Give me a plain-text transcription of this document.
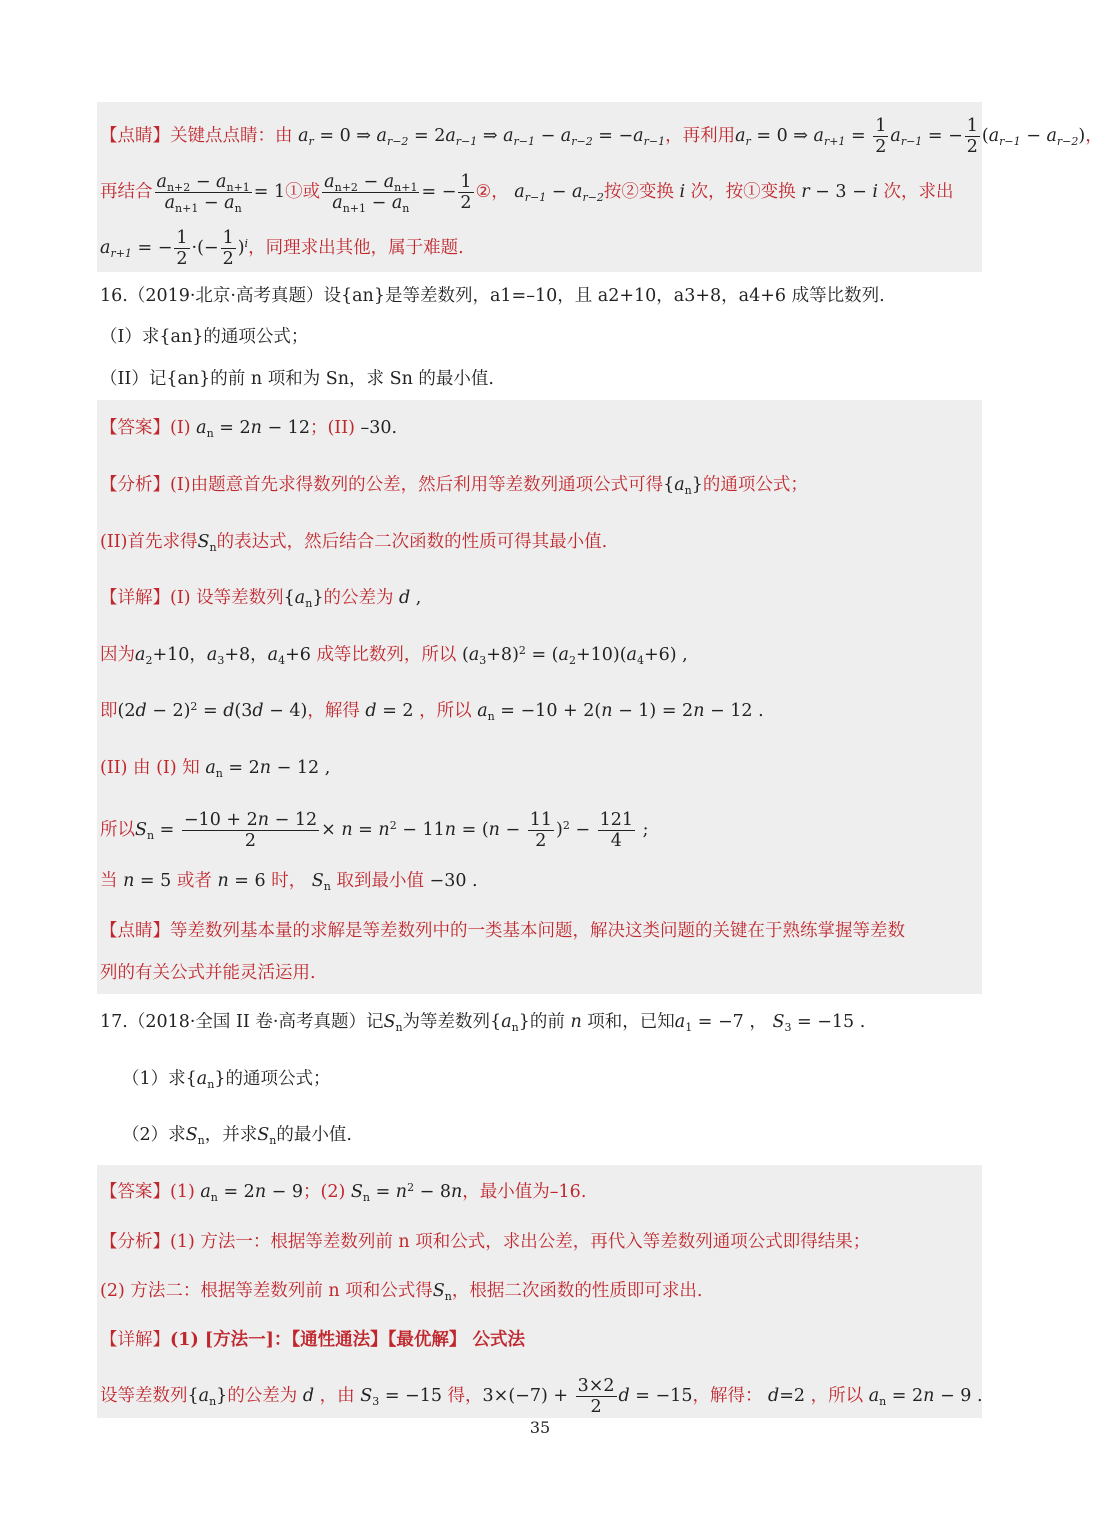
【点睛】关键点点睛：由 $a_r = 0$ ⇒ $a_{r-2} = 2a_{r-1}$ ⇒ $a_{r-1} - a_{r-2} = -a_{r-1}$，再利用$a_r = 0$ ⇒ $a_{r+1} = \frac{1}{2} a_{r-1}$ = − $\frac{1}{2} (a_{r-1} - a_{r-2})$，
再结合 $\frac{a_{n+2} - a_{n+1}}{a_{n+1} - a_n}$ = 1①或 $\frac{a_{n+2} - a_{n+1}}{a_{n+1} - a_n}$ = − $\frac{1}{2}$ ②， $a_{r-1} - a_{r-2}$按②变换 i 次，按①变换 r − 3 − i 次，求出
$a_{r+1}$ = − $\frac{1}{2}$ ·(− $\frac{1}{2} )^i$，同理求出其他，属于难题.
16.（2019·北京·高考真题）设{an}是等差数列，a1=–10，且 a2+10，a3+8，a4+6 成等比数列.
（I）求{an}的通项公式；
（II）记{an}的前 n 项和为 Sn，求 Sn 的最小值.
【答案】(I) $a_n = 2n - 12$；(II) –30.
【分析】(I)由题意首先求得数列的公差，然后利用等差数列通项公式可得$\{a_n\}$的通项公式；
(II)首先求得$S_n$的表达式，然后结合二次函数的性质可得其最小值.
【详解】(I) 设等差数列$\{a_n\}$的公差为 d ,
因为$a_2+10$，$a_3+8$，$a_4+6$ 成等比数列，所以 $(a_3+8)^2 = (a_2+10)(a_4+6)$ ,
即$(2d - 2)^2 = d(3d - 4)$，解得 d = 2 ，所以 $a_n = -10 + 2(n - 1) = 2n - 12$ .
(II) 由 (I) 知 $a_n = 2n - 12$ ,
所以$S_n = \frac{-10 + 2n - 12}{2} \times n = n^2 - 11n = (n - \frac{11}{2} )^2 - \frac{121}{4}$ ;
当 n = 5 或者 n = 6 时， $S_n$ 取到最小值 −30 .
【点睛】等差数列基本量的求解是等差数列中的一类基本问题，解决这类问题的关键在于熟练掌握等差数
列的有关公式并能灵活运用.
17.（2018·全国 II 卷·高考真题）记$S_n$为等差数列$\{a_n\}$的前 n 项和，已知$a_1 = -7$ ， $S_3 = -15$ .
（1）求$\{a_n\}$的通项公式；
（2）求$S_n$，并求$S_n$的最小值.
【答案】(1) $a_n = 2n - 9$；(2) $S_n = n^2 - 8n$，最小值为–16.
【分析】(1) 方法一：根据等差数列前 n 项和公式，求出公差，再代入等差数列通项公式即得结果；
(2) 方法二：根据等差数列前 n 项和公式得$S_n$，根据二次函数的性质即可求出.
【详解】(1) [方法一]：【通性通法】【最优解】 公式法
设等差数列$\{a_n\}$的公差为 d ，由 $S_3 = -15$ 得，$3\times(-7) + \frac{3\times 2}{2}$ d = −15，解得： d=2 ，所以 $a_n = 2n - 9$ .
35
